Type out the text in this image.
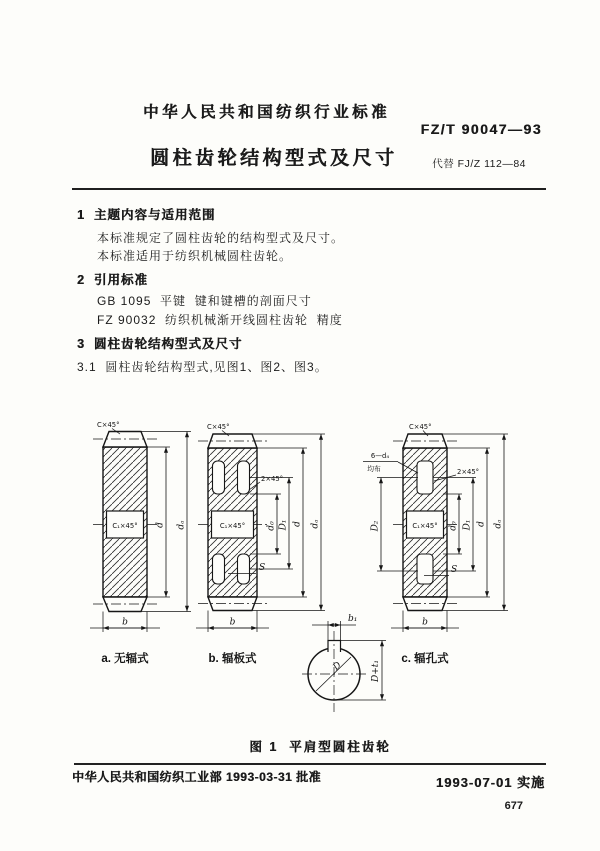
中华人民共和国纺织行业标准
FZ/T 90047—93
圆柱齿轮结构型式及尺寸	代替 FJ/Z 112—84
1  主题内容与适用范围
本标准规定了圆柱齿轮的结构型式及尺寸。
本标准适用于纺织机械圆柱齿轮。
2  引用标准
GB 1095  平键  键和键槽的剖面尺寸
FZ 90032  纺织机械渐开线圆柱齿轮  精度
3  圆柱齿轮结构型式及尺寸
3.1  圆柱齿轮结构型式,见图1、图2、图3。
C₁×45°
C×45°
d dₐ
b
a. 无辐式
C₁×45°
C×45°
2×45°
S
d₀ D₁ d dₐ
b
b. 辐板式
C₁×45°
C×45°
6—d₄
均布	2×45°
S
D₂	d₀ D₁ d dₐ
b
c. 辐孔式
D
b₁
D+t₁
图 1  平肩型圆柱齿轮
中华人民共和国纺织工业部 1993-03-31 批准	1993-07-01 实施
677
